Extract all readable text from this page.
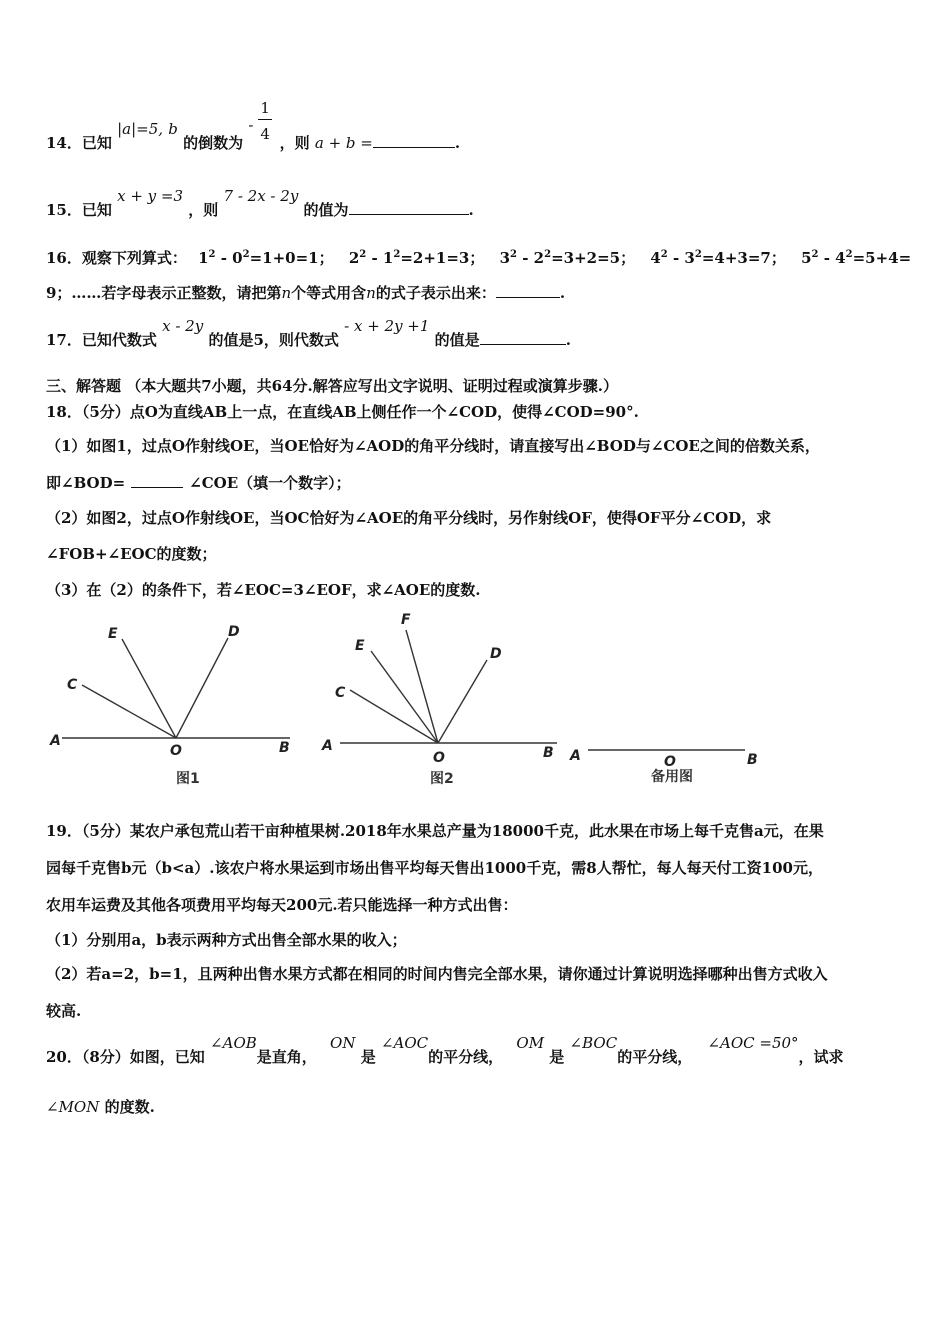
14．已知 |a|=5, b 的倒数为
-
1
4 ，则 a + b =	.
15．已知 x + y =3 ，则 7 - 2x - 2y 的值为	.
16．观察下列算式： $1^2 - 0^2=1+0=1$； $2^2 - 1^2=2+1=3$； $3^2 - 2^2=3+2=5$； $4^2 - 3^2=4+3=7$； $5^2 - 4^2=5+4=$
9；……若字母表示正整数，请把第n个等式用含n的式子表示出来：	.
17．已知代数式 x - 2y 的值是5，则代数式 - x + 2y +1 的值是	.
三、解答题 （本大题共7小题，共64分.解答应写出文字说明、证明过程或演算步骤.）
18．（5分）点O为直线AB上一点，在直线AB上侧任作一个∠COD，使得∠COD=90°.
（1）如图1，过点O作射线OE，当OE恰好为∠AOD的角平分线时，请直接写出∠BOD与∠COE之间的倍数关系，
即∠BOD=	∠COE（填一个数字）；
（2）如图2，过点O作射线OE，当OC恰好为∠AOE的角平分线时，另作射线OF，使得OF平分∠COD，求
∠FOB+∠EOC的度数；
（3）在（2）的条件下，若∠EOC=3∠EOF，求∠AOE的度数.
E	D
C
A
O	B
图1
F
E	D
C
A
O	B
图2
A	O	B
备用图
19．（5分）某农户承包荒山若干亩种植果树.2018年水果总产量为18000千克，此水果在市场上每千克售a元，在果
园每千克售b元（b<a）.该农户将水果运到市场出售平均每天售出1000千克，需8人帮忙，每人每天付工资100元，
农用车运费及其他各项费用平均每天200元.若只能选择一种方式出售：
（1）分别用a，b表示两种方式出售全部水果的收入；
（2）若a=2，b=1，且两种出售水果方式都在相同的时间内售完全部水果，请你通过计算说明选择哪种出售方式收入
较高.
20．（8分）如图，已知 ∠AOB是直角， ON 是 ∠AOC的平分线， OM 是 ∠BOC的平分线， ∠AOC =50°，试求
∠MON 的度数.
